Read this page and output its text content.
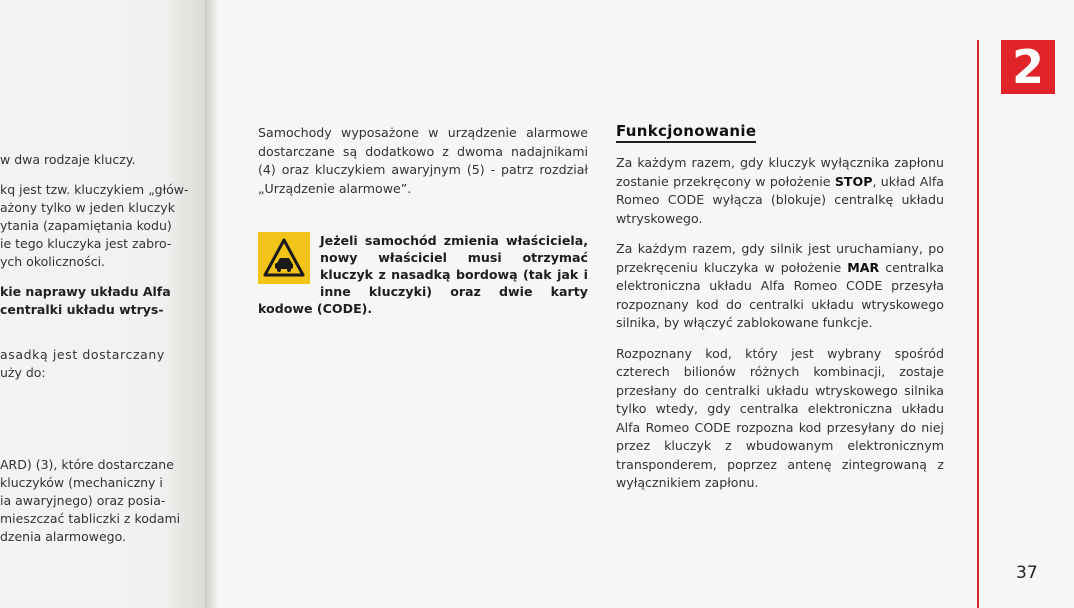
w dwa rodzaje kluczy.
kq jest tzw. kluczykiem „głów-
ażony tylko w jeden kluczyk
ytania (zapamiętania kodu)
ie tego kluczyka jest zabro-
ych okoliczności.
kie naprawy układu Alfa
centralki układu wtrys-
asadką jest dostarczany
uży do:
ARD) (3), które dostarczane
kluczyków (mechaniczny i
ia awaryjnego) oraz posia-
mieszczać tabliczki z kodami
dzenia alarmowego.

Samochody wyposażone w urządzenie alarmowe dostarczane są dodatkowo z dwoma nadajnikami (4) oraz kluczykiem awaryjnym (5) - patrz rozdział „Urządzenie alarmowe”.

Jeżeli samochód zmienia właściciela, nowy właściciel musi otrzymać kluczyk z nasadką bordową (tak jak i inne kluczyki) oraz dwie karty kodowe (CODE).
Funkcjonowanie

Za każdym razem, gdy kluczyk wyłącznika zapłonu zostanie przekręcony w położenie STOP, układ Alfa Romeo CODE wyłącza (blokuje) centralkę układu wtryskowego.

Za każdym razem, gdy silnik jest uruchamiany, po przekręceniu kluczyka w położenie MAR centralka elektroniczna układu Alfa Romeo CODE przesyła rozpoznany kod do centralki układu wtryskowego silnika, by włączyć zablokowane funkcje.

Rozpoznany kod, który jest wybrany spośród czterech bilionów różnych kombinacji, zostaje przesłany do centralki układu wtryskowego silnika tylko wtedy, gdy centralka elektroniczna układu Alfa Romeo CODE rozpozna kod przesyłany do niej przez kluczyk z wbudowanym elektronicznym transponderem, poprzez antenę zintegrowaną z wyłącznikiem zapłonu.

2
37
